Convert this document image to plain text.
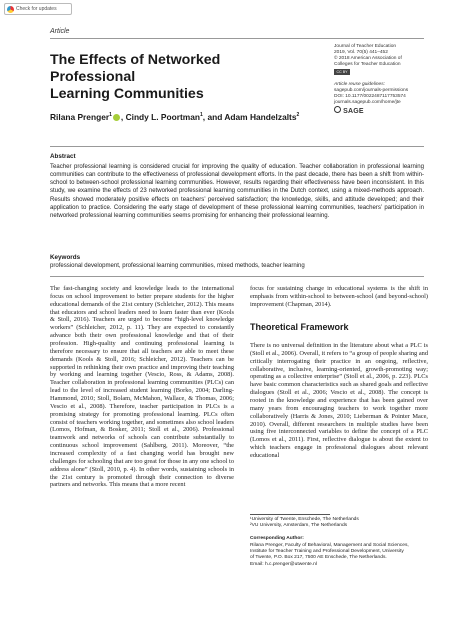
Check for updates
Article
The Effects of Networked Professional
Learning Communities
Rilana Prenger$^1$ , Cindy L. Poortman$^1$, and Adam Handelzalts$^2$
Journal of Teacher Education
2019, Vol. 70(5) 441–452
© 2018 American Association of
Colleges for Teacher Education
CC BY NC
Article reuse guidelines:
sagepub.com/journals-permissions
DOI: 10.1177/0022487117753574
journals.sagepub.com/home/jte
SAGE
Abstract
Teacher professional learning is considered crucial for improving the quality of education. Teacher collaboration in professional learning communities can contribute to the effectiveness of professional development efforts. In the past decade, there has been a shift from within-school to between-school professional learning communities. However, results regarding their effectiveness have been inconsistent. In this study, we examine the effects of 23 networked professional learning communities in the Dutch context, using a mixed-methods approach. Results showed moderately positive effects on teachers’ perceived satisfaction; the knowledge, skills, and attitude developed; and their application to practice. Considering the early stage of development of these professional learning communities, teachers’ participation in networked professional learning communities seems promising for enhancing their professional learning.
Keywords
professional development, professional learning communities, mixed methods, teacher learning

The fast-changing society and knowledge leads to the international focus on school improvement to better prepare students for the higher educational demands of the 21st century (Schleicher, 2012). This means that educators and school leaders need to learn faster than ever (Kools & Stoll, 2016). Teachers are urged to become “high-level knowledge workers” (Schleicher, 2012, p. 11). They are expected to constantly advance both their own professional knowledge and that of their profession. High-quality and continuing professional learning is therefore necessary to ensure that all teachers are able to meet these demands (Kools & Stoll, 2016; Schleicher, 2012). Teachers can be supported in rethinking their own practice and improving their teaching by working and learning together (Vescio, Ross, & Adams, 2008). Teacher collaboration in professional learning communities (PLCs) can lead to the level of increased student learning (Borko, 2004; Darling-Hammond, 2010; Stoll, Bolam, McMahon, Wallace, & Thomas, 2006; Vescio et al., 2008). Therefore, teacher participation in PLCs is a promising strategy for promoting professional learning. PLCs often consist of teachers working together, and sometimes also school leaders (Lomos, Hofman, & Bosker, 2011; Stoll et al., 2006). Professional teamwork and networks of schools can contribute substantially to continuous school improvement (Sahlberg, 2011). Moreover, “the increased complexity of a fast changing world has brought new challenges for schooling that are too great for those in any one school to address alone” (Stoll, 2010, p. 4). In other words, sustaining schools in the 21st century is promoted through their connection to diverse partners and networks. This means that a more recent

focus for sustaining change in educational systems is the shift in emphasis from within-school to between-school (and beyond-school) improvement (Chapman, 2014).
Theoretical Framework
There is no universal definition in the literature about what a PLC is (Stoll et al., 2006). Overall, it refers to “a group of people sharing and critically interrogating their practice in an ongoing, reflective, collaborative, inclusive, learning-oriented, growth-promoting way; operating as a collective enterprise” (Stoll et al., 2006, p. 223). PLCs have basic common characteristics such as shared goals and reflective dialogues (Stoll et al., 2006; Vescio et al., 2008). The concept is rooted in the knowledge and experience that has been gained over many years from encouraging teachers to work together more collaboratively (Harris & Jones, 2010; Lieberman & Pointer Mace, 2010). Overall, different researchers in multiple studies have been using five interconnected variables to define the concept of a PLC (Lomos et al., 2011). First, reflective dialogue is about the extent to which teachers engage in professional dialogues about relevant educational
¹University of Twente, Enschede, The Netherlands
²VU University, Amsterdam, The Netherlands
Corresponding Author:
Rilana Prenger, Faculty of Behavioral, Management and Social Sciences,
Institute for Teacher Training and Professional Development, University
of Twente, P.O. Box 217, 7500 AE Enschede, The Netherlands.
Email: h.c.prenger@utwente.nl
